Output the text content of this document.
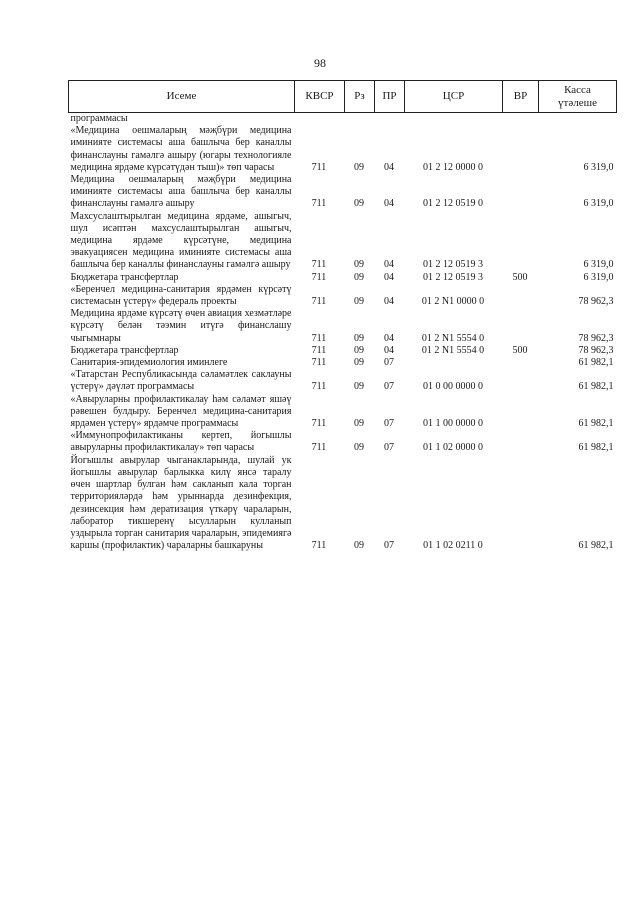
98
Исеме	КВСР	Рз	ПР	ЦСР	ВР	Касса
үтәлеше
программасы						
«Медицина оешмаларың мәҗбүри медицина иминияте системасы аша башлыча бер каналлы финанслауны гамәлгә ашыру (югары технологияле медицина ярдәме күрсәтүдән тыш)» төп чарасы	711	09	04	01 2 12 0000 0		6 319,0
Медицина оешмаларың мәҗбүри медицина иминияте системасы аша башлыча бер каналлы финанслауны гамәлгә ашыру	711	09	04	01 2 12 0519 0		6 319,0
Махсуслаштырылган медицина ярдәме, ашыгыч, шул исәптән махсуслаштырылган ашыгыч, медицина ярдәме күрсәтүне, медицина эвакуациясен медицина иминияте системасы аша башлыча бер каналлы финанслауны гамәлгә ашыру	711	09	04	01 2 12 0519 3		6 319,0
Бюджетара трансфертлар	711	09	04	01 2 12 0519 3	500	6 319,0
«Беренчел медицина-санитария ярдәмен күрсәтү системасын үстерү» федераль проекты	711	09	04	01 2 N1 0000 0		78 962,3
Медицина ярдәме күрсәтү өчен авиация хезмәтләре күрсәтү белән тәэмин итүгә финанслашу чыгымнары	711	09	04	01 2 N1 5554 0		78 962,3
Бюджетара трансфертлар	711	09	04	01 2 N1 5554 0	500	78 962,3
Санитария-эпидемиология иминлеге	711	09	07			61 982,1
«Татарстан Республикасында сәламәтлек саклауны үстерү» дәүләт программасы	711	09	07	01 0 00 0000 0		61 982,1
«Авыруларны профилактикалау һәм сәламәт яшәү рәвешен булдыру. Беренчел медицина-санитария ярдәмен үстерү» ярдәмче программасы	711	09	07	01 1 00 0000 0		61 982,1
«Иммунопрофилактиканы кертеп, йогышлы авыруларны профилактикалау» төп чарасы	711	09	07	01 1 02 0000 0		61 982,1
Йогышлы авырулар чыганакларында, шулай ук йогышлы авырулар барлыкка килү янсә таралу өчен шартлар булган һәм сакланып кала торган территорияләрдә һәм урыннарда дезинфекция, дезинсекция һәм дератизация үткәрү чараларын, лаборатор тикшеренү ысулларын кулланып уздырыла торган санитария чараларын, эпидемиягә каршы (профилактик) чараларны башкаруны	711	09	07	01 1 02 0211 0		61 982,1
